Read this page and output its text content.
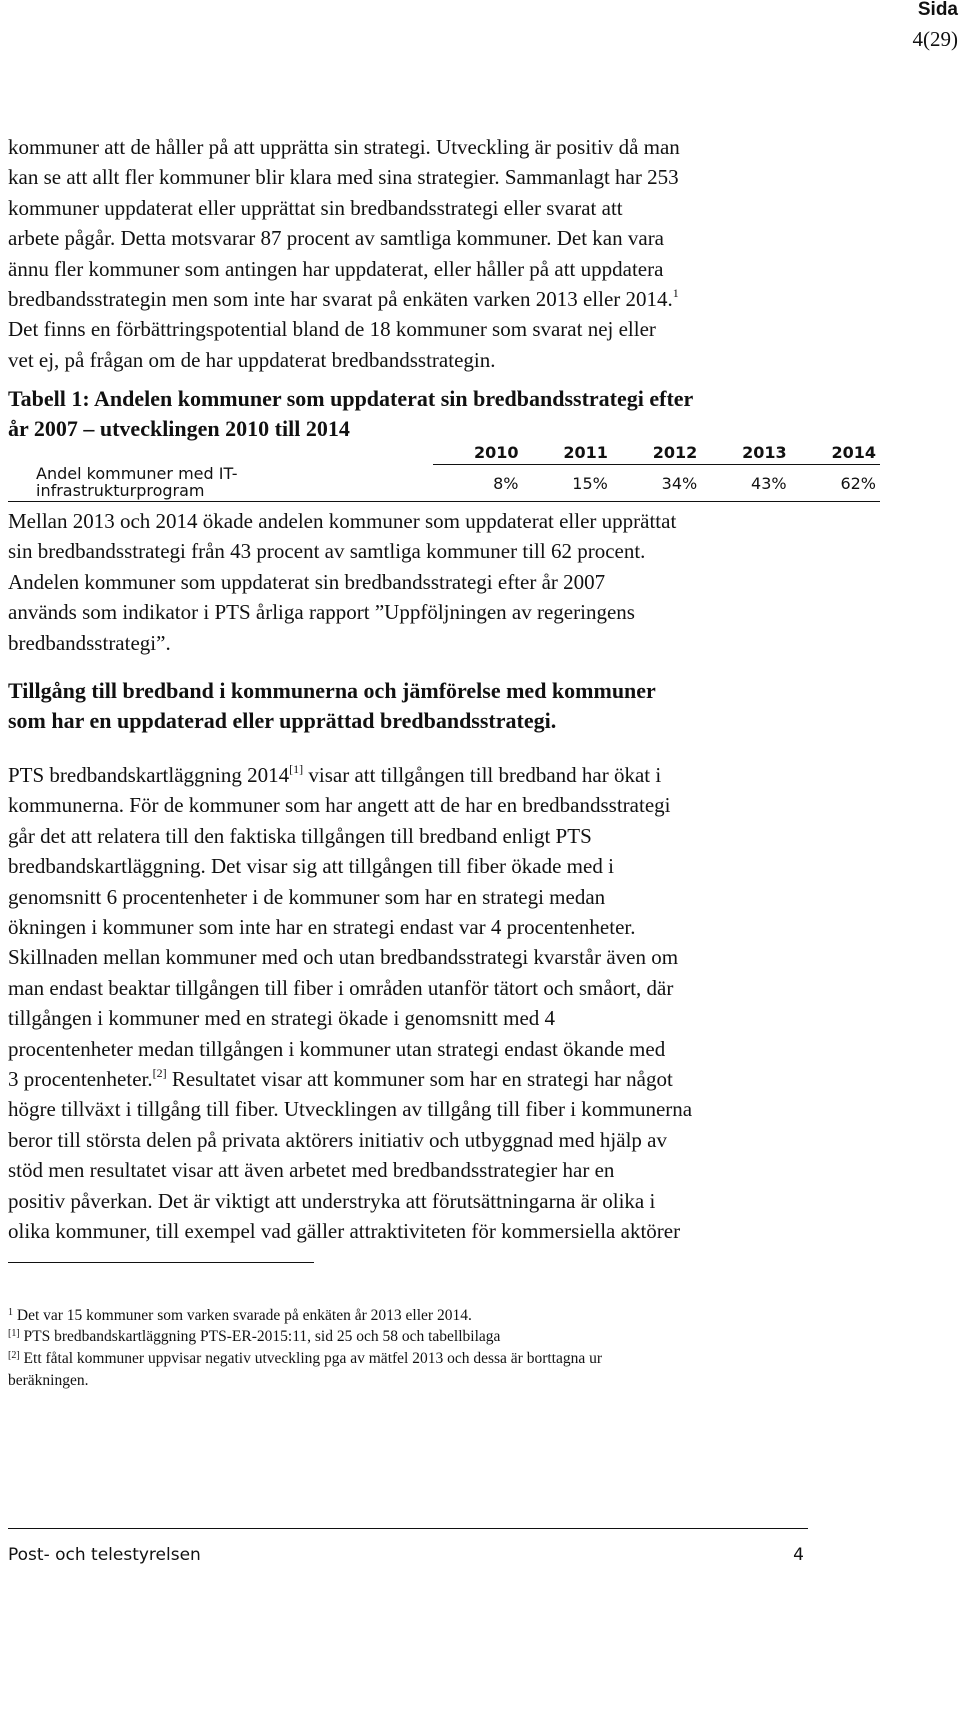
Sida
4(29)
kommuner att de håller på att upprätta sin strategi. Utveckling är positiv då man
kan se att allt fler kommuner blir klara med sina strategier. Sammanlagt har 253
kommuner uppdaterat eller upprättat sin bredbandsstrategi eller svarat att
arbete pågår. Detta motsvarar 87 procent av samtliga kommuner. Det kan vara
ännu fler kommuner som antingen har uppdaterat, eller håller på att uppdatera
bredbandsstrategin men som inte har svarat på enkäten varken 2013 eller 2014.$^1$
Det finns en förbättringspotential bland de 18 kommuner som svarat nej eller
vet ej, på frågan om de har uppdaterat bredbandsstrategin.
Tabell 1: Andelen kommuner som uppdaterat sin bredbandsstrategi efter
år 2007 – utvecklingen 2010 till 2014
	2010	2011	2012	2013	2014

Andel kommuner med IT-
infrastrukturprogram	8%	15%	34%	43%	62%
Mellan 2013 och 2014 ökade andelen kommuner som uppdaterat eller upprättat
sin bredbandsstrategi från 43 procent av samtliga kommuner till 62 procent.
Andelen kommuner som uppdaterat sin bredbandsstrategi efter år 2007
används som indikator i PTS årliga rapport ”Uppföljningen av regeringens
bredbandsstrategi”.
Tillgång till bredband i kommunerna och jämförelse med kommuner
som har en uppdaterad eller upprättad bredbandsstrategi.
PTS bredbandskartläggning 2014[1] visar att tillgången till bredband har ökat i
kommunerna. För de kommuner som har angett att de har en bredbandsstrategi
går det att relatera till den faktiska tillgången till bredband enligt PTS
bredbandskartläggning. Det visar sig att tillgången till fiber ökade med i
genomsnitt 6 procentenheter i de kommuner som har en strategi medan
ökningen i kommuner som inte har en strategi endast var 4 procentenheter.
Skillnaden mellan kommuner med och utan bredbandsstrategi kvarstår även om
man endast beaktar tillgången till fiber i områden utanför tätort och småort, där
tillgången i kommuner med en strategi ökade i genomsnitt med 4
procentenheter medan tillgången i kommuner utan strategi endast ökande med
3 procentenheter.[2] Resultatet visar att kommuner som har en strategi har något
högre tillväxt i tillgång till fiber. Utvecklingen av tillgång till fiber i kommunerna
beror till största delen på privata aktörers initiativ och utbyggnad med hjälp av
stöd men resultatet visar att även arbetet med bredbandsstrategier har en
positiv påverkan. Det är viktigt att understryka att förutsättningarna är olika i
olika kommuner, till exempel vad gäller attraktiviteten för kommersiella aktörer
$^1$ Det var 15 kommuner som varken svarade på enkäten år 2013 eller 2014.
[1] PTS bredbandskartläggning PTS-ER-2015:11, sid 25 och 58 och tabellbilaga
[2] Ett fåtal kommuner uppvisar negativ utveckling pga av mätfel 2013 och dessa är borttagna ur
beräkningen.
Post- och telestyrelsen	4
